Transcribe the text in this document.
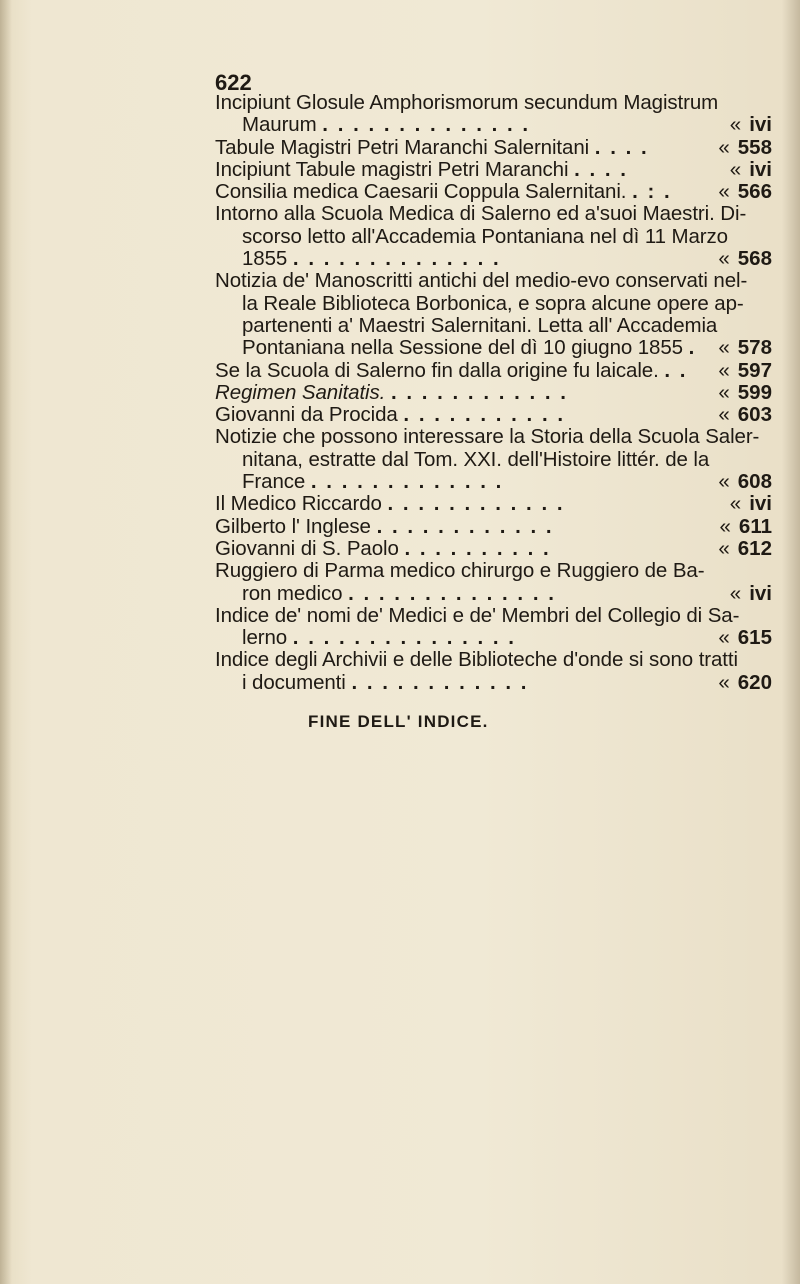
622
Incipiunt Glosule Amphorismorum secundum Magistrum
Maurum . . . . . . . . . . . . . .	« ivi
Tabule Magistri Petri Maranchi Salernitani . . . .	« 558
Incipiunt Tabule magistri Petri Maranchi . . . .	« ivi
Consilia medica Caesarii Coppula Salernitani. . : . « 566
Intorno alla Scuola Medica di Salerno ed a'suoi Maestri. Di-
scorso letto all'Accademia Pontaniana nel dì 11 Marzo
1855 . . . . . . . . . . . . . .	« 568
Notizia de' Manoscritti antichi del medio-evo conservati nel-
la Reale Biblioteca Borbonica, e sopra alcune opere ap-
partenenti a' Maestri Salernitani. Letta all' Accademia
Pontaniana nella Sessione del dì 10 giugno 1855 . « 578
Se la Scuola di Salerno fin dalla origine fu laicale. . . « 597
Regimen Sanitatis. . . . . . . . . . . . .	« 599
Giovanni da Procida . . . . . . . . . . .	« 603
Notizie che possono interessare la Storia della Scuola Saler-
nitana, estratte dal Tom. XXI. dell'Histoire littér. de la
France . . . . . . . . . . . . .	« 608
Il Medico Riccardo . . . . . . . . . . . .	« ivi
Gilberto l' Inglese . . . . . . . . . . . .	« 611
Giovanni di S. Paolo . . . . . . . . . .	« 612
Ruggiero di Parma medico chirurgo e Ruggiero de Ba-
ron medico . . . . . . . . . . . . . .	« ivi
Indice de' nomi de' Medici e de' Membri del Collegio di Sa-
lerno . . . . . . . . . . . . . . .	« 615
Indice degli Archivii e delle Biblioteche d'onde si sono tratti
i documenti . . . . . . . . . . . .	« 620
FINE DELL' INDICE.
